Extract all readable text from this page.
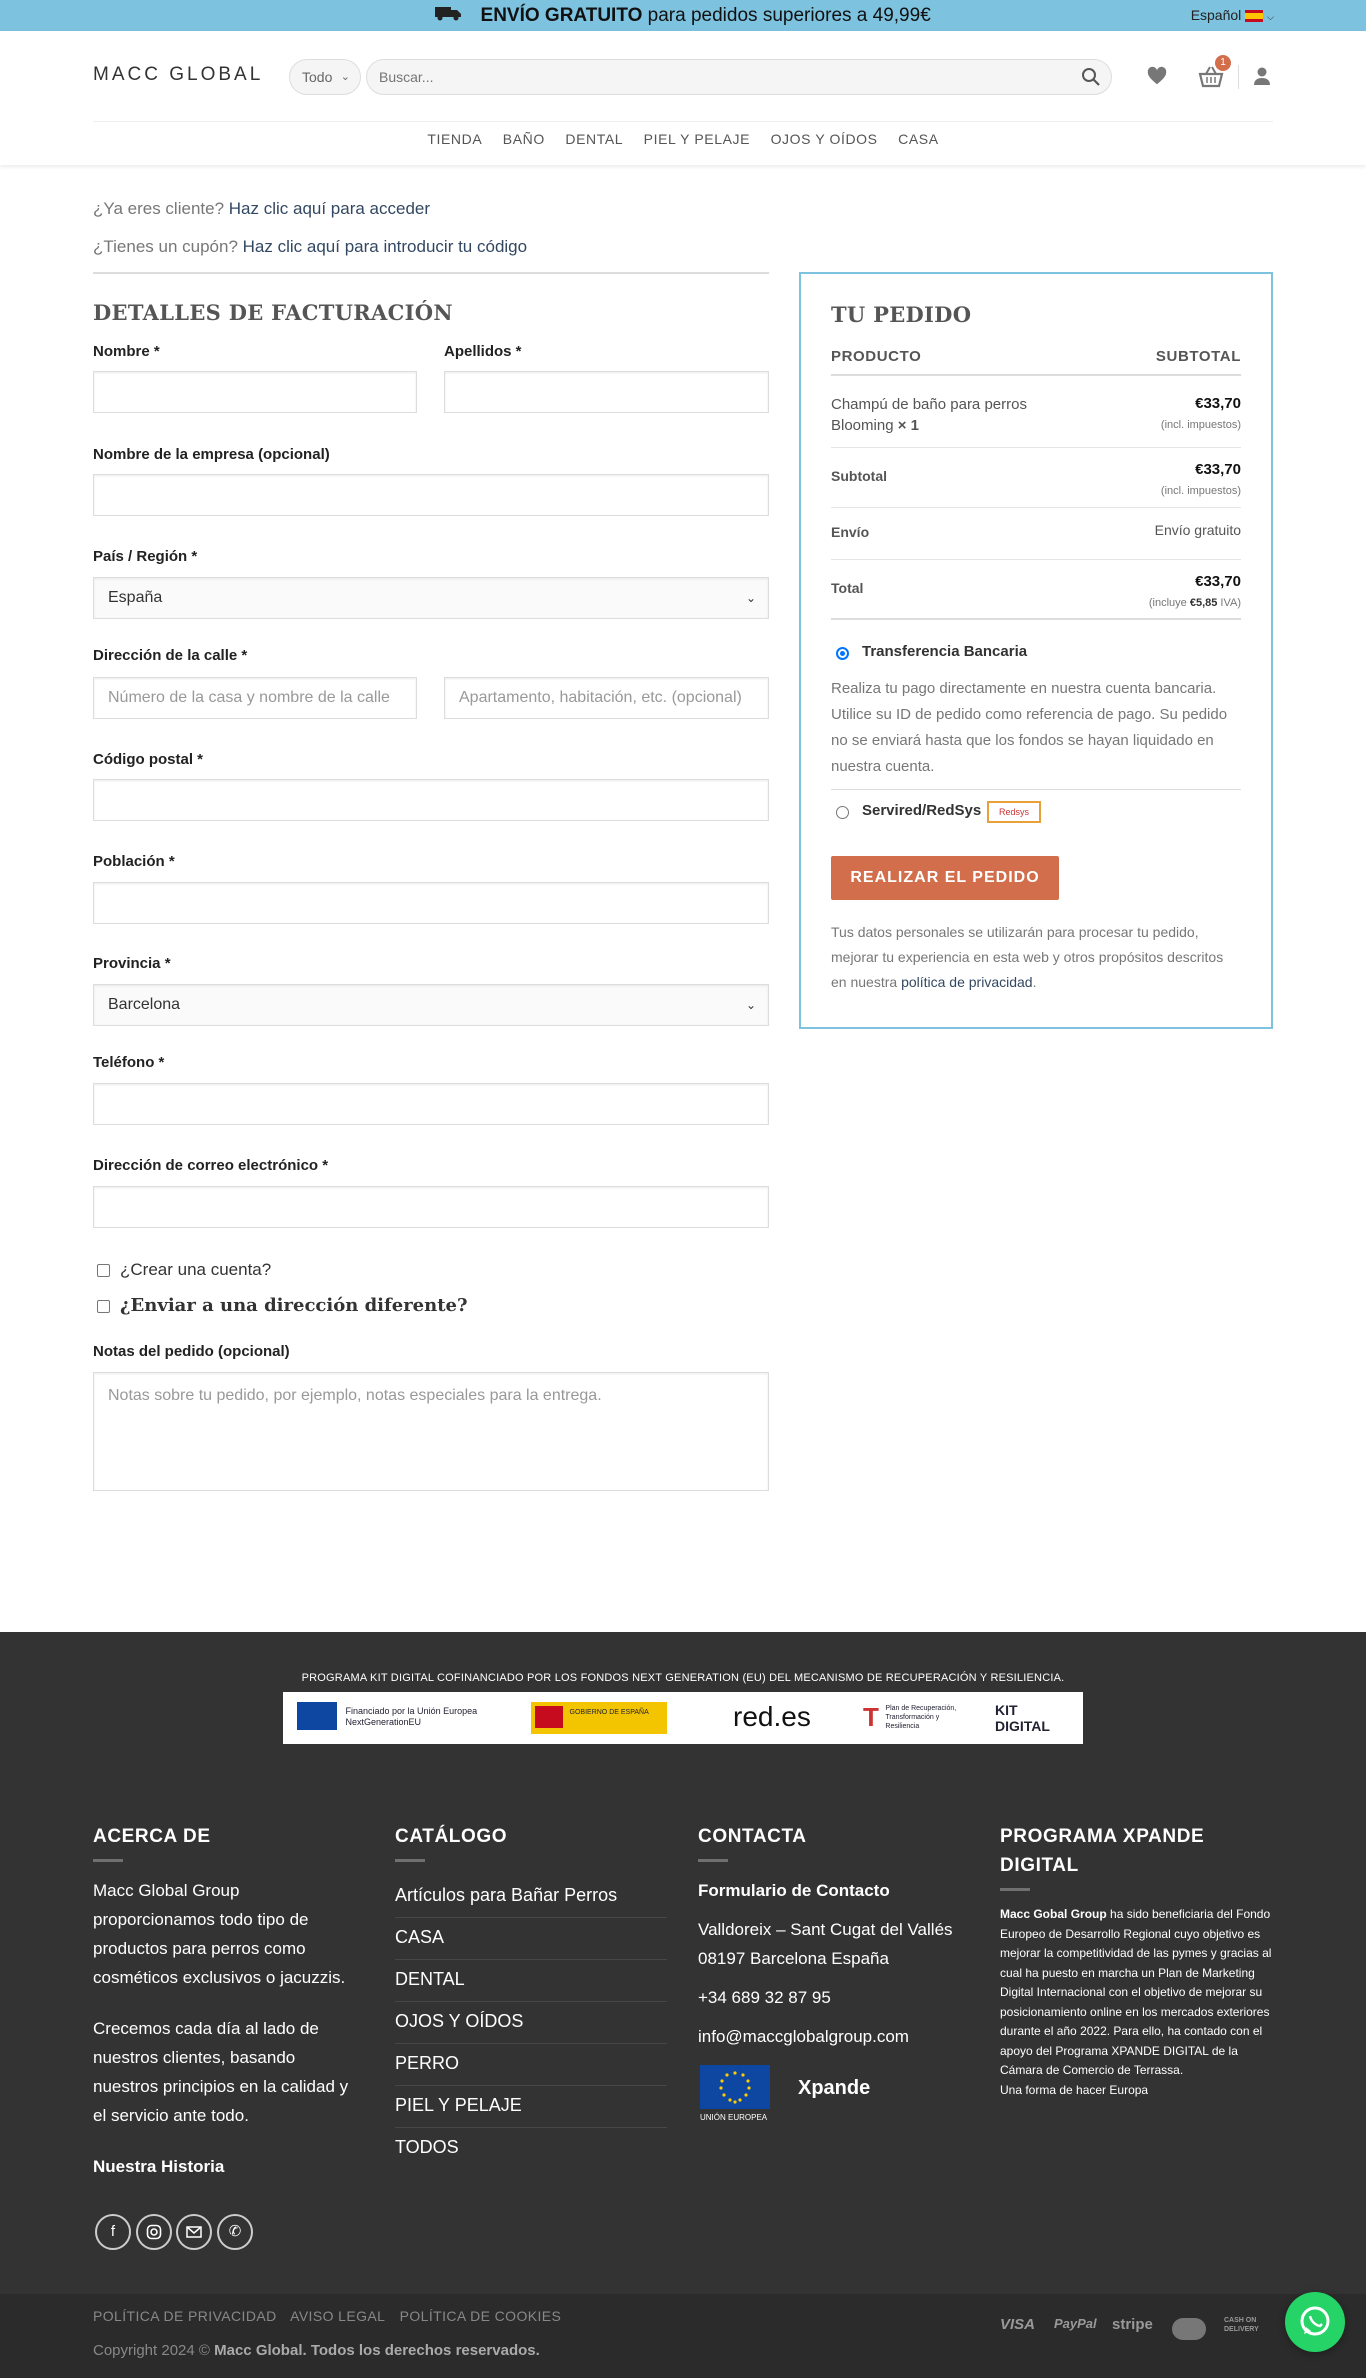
ENVÍO GRATUITO para pedidos superiores a 49,99€	Español	⌵
MACC GLOBAL	Todo ⌄
Buscar...
1
TIENDA BAÑO DENTAL PIEL Y PELAJE OJOS Y OÍDOS CASA
¿Ya eres cliente? Haz clic aquí para acceder
¿Tienes un cupón? Haz clic aquí para introducir tu código
DETALLES DE FACTURACIÓN
Nombre *	Apellidos *
Nombre de la empresa (opcional)
País / Región *
España	⌄
Dirección de la calle *
Número de la casa y nombre de la calle	Apartamento, habitación, etc. (opcional)
Código postal *
Población *
Provincia *
Barcelona	⌄
Teléfono *
Dirección de correo electrónico *
¿Crear una cuenta?
¿Enviar a una dirección diferente?
Notas del pedido (opcional)
Notas sobre tu pedido, por ejemplo, notas especiales para la entrega.
TU PEDIDO
PRODUCTO	SUBTOTAL
Champú de baño para perros
Blooming × 1
€33,70
(incl. impuestos)
Subtotal	€33,70
(incl. impuestos)
Envío	Envío gratuito
Total	€33,70
(incluye €5,85 IVA)
Transferencia Bancaria
Realiza tu pago directamente en nuestra cuenta bancaria. Utilice su ID de pedido como referencia de pago. Su pedido no se enviará hasta que los fondos se hayan liquidado en nuestra cuenta.
Servired/RedSys	Redsys
REALIZAR EL PEDIDO
Tus datos personales se utilizarán para procesar tu pedido, mejorar tu experiencia en esta web y otros propósitos descritos en nuestra política de privacidad.
PROGRAMA KIT DIGITAL COFINANCIADO POR LOS FONDOS NEXT GENERATION (EU) DEL MECANISMO DE RECUPERACIÓN Y RESILIENCIA.
Financiado por la Unión Europea
NextGenerationEU
GOBIERNO DE ESPAÑA	red.es T Plan de Recuperación, Transformación y Resiliencia
KIT DIGITAL
ACERCA DE
Macc Global Group proporcionamos todo tipo de productos para perros como cosméticos exclusivos o jacuzzis.
Crecemos cada día al lado de nuestros clientes, basando nuestros principios en la calidad y el servicio ante todo.
Nuestra Historia
CATÁLOGO
Artículos para Bañar Perros
CASA
DENTAL
OJOS Y OÍDOS
PERRO
PIEL Y PELAJE
TODOS
CONTACTA
Formulario de Contacto
Valldoreix – Sant Cugat del Vallés 08197 Barcelona España
+34 689 32 87 95
info@maccglobalgroup.com
UNIÓN EUROPEA
Xpande
PROGRAMA XPANDE DIGITAL
Macc Gobal Group ha sido beneficiaria del Fondo Europeo de Desarrollo Regional cuyo objetivo es mejorar la competitividad de las pymes y gracias al cual ha puesto en marcha un Plan de Marketing Digital Internacional con el objetivo de mejorar su posicionamiento online en los mercados exteriores durante el año 2022. Para ello, ha contado con el apoyo del Programa XPANDE DIGITAL de la Cámara de Comercio de Terrassa.
Una forma de hacer Europa
f	✆
POLÍTICA DE PRIVACIDAD AVISO LEGAL POLÍTICA DE COOKIES
Copyright 2024 © Macc Global. Todos los derechos reservados.
VISA PayPal stripe	MC	CASH ON DELIVERY
